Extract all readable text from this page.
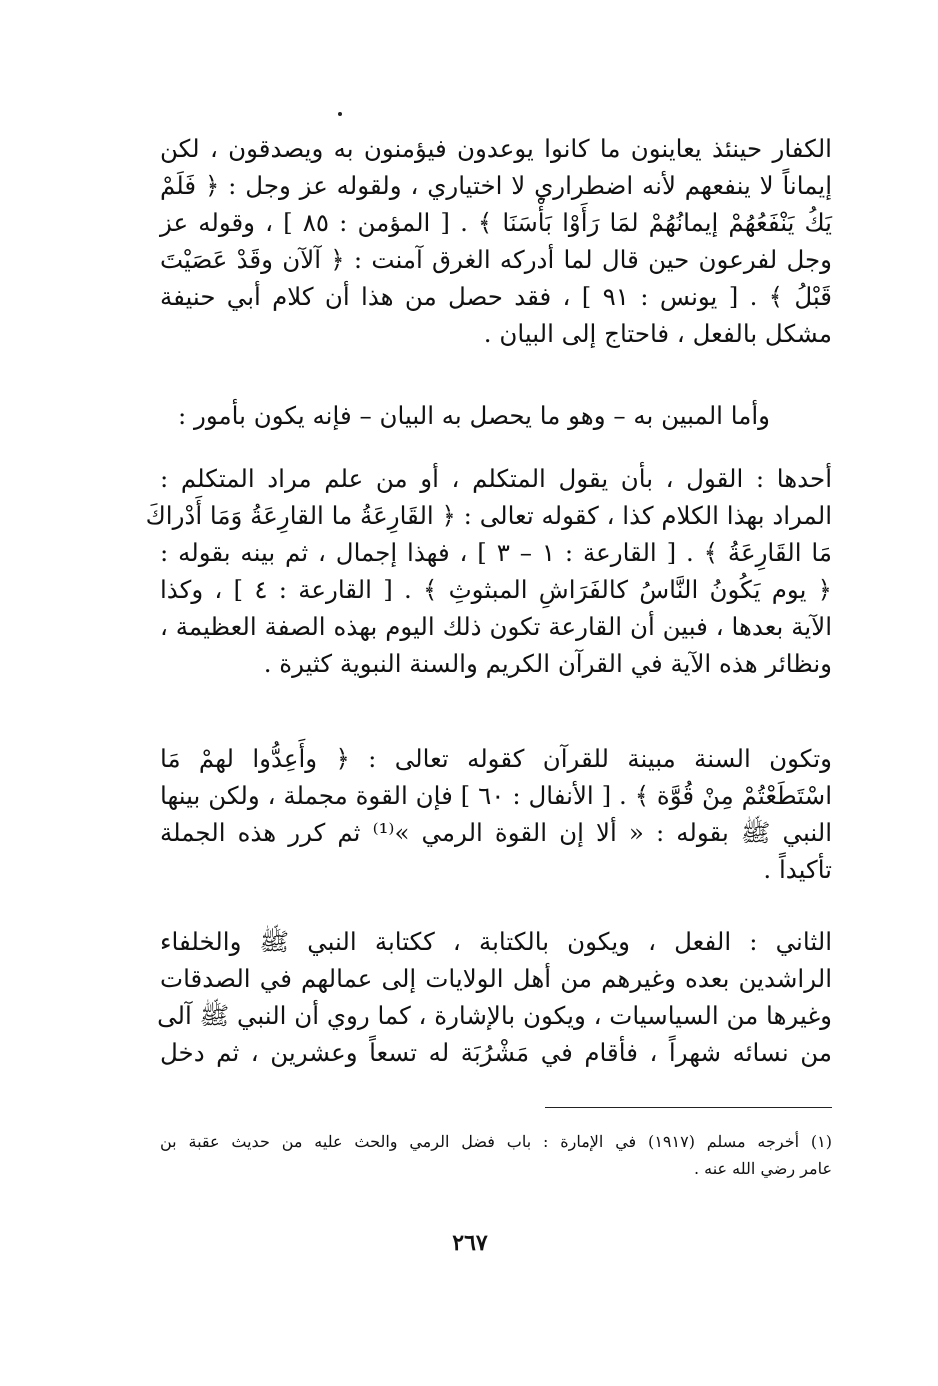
الكفار حينئذ يعاينون ما كانوا يوعدون فيؤمنون به ويصدقون ، لكن
إيماناً لا ينفعهم لأنه اضطراري لا اختياري ، ولقوله عز وجل : ﴿ فَلَمْ
يَكُ يَنْفَعُهُمْ إيمانُهُمْ لمَا رَأَوْا بَأْسَنَا ﴾ . [ المؤمن : ٨٥ ] ، وقوله عز
وجل لفرعون حين قال لما أدركه الغرق آمنت : ﴿ آلآن وقَدْ عَصَيْتَ
قَبْلُ ﴾ . [ يونس : ٩١ ] ، فقد حصل من هذا أن كلام أبي حنيفة
مشكل بالفعل ، فاحتاج إلى البيان .
وأما المبين به – وهو ما يحصل به البيان – فإنه يكون بأمور :
أحدها : القول ، بأن يقول المتكلم ، أو من علم مراد المتكلم :
المراد بهذا الكلام كذا ، كقوله تعالى : ﴿ القَارِعَةُ ما القارِعَةُ وَمَا أَدْراكَ
مَا القَارِعَةُ ﴾ . [ القارعة : ١ – ٣ ] ، فهذا إجمال ، ثم بينه بقوله :
﴿ يوم يَكُونُ النَّاسُ كالفَرَاشِ المبثوثِ ﴾ . [ القارعة : ٤ ] ، وكذا
الآية بعدها ، فبين أن القارعة تكون ذلك اليوم بهذه الصفة العظيمة ،
ونظائر هذه الآية في القرآن الكريم والسنة النبوية كثيرة .
وتكون السنة مبينة للقرآن كقوله تعالى : ﴿ وأَعِدُّوا لهمْ مَا
اسْتَطَعْتُمْ مِنْ قُوَّة ﴾ . [ الأنفال : ٦٠ ] فإن القوة مجملة ، ولكن بينها
النبي ﷺ بقوله : « ألا إن القوة الرمي »⁽¹⁾ ثم كرر هذه الجملة
تأكيداً .
الثاني : الفعل ، ويكون بالكتابة ، ككتابة النبي ﷺ والخلفاء
الراشدين بعده وغيرهم من أهل الولايات إلى عمالهم في الصدقات
وغيرها من السياسيات ، ويكون بالإشارة ، كما روي أن النبي ﷺ آلى
من نسائه شهراً ، فأقام في مَشْرُبَة له تسعاً وعشرين ، ثم دخل
(١) أخرجه مسلم (١٩١٧) في الإمارة : باب فضل الرمي والحث عليه من حديث عقبة بن
عامر رضي الله عنه .
٢٦٧
